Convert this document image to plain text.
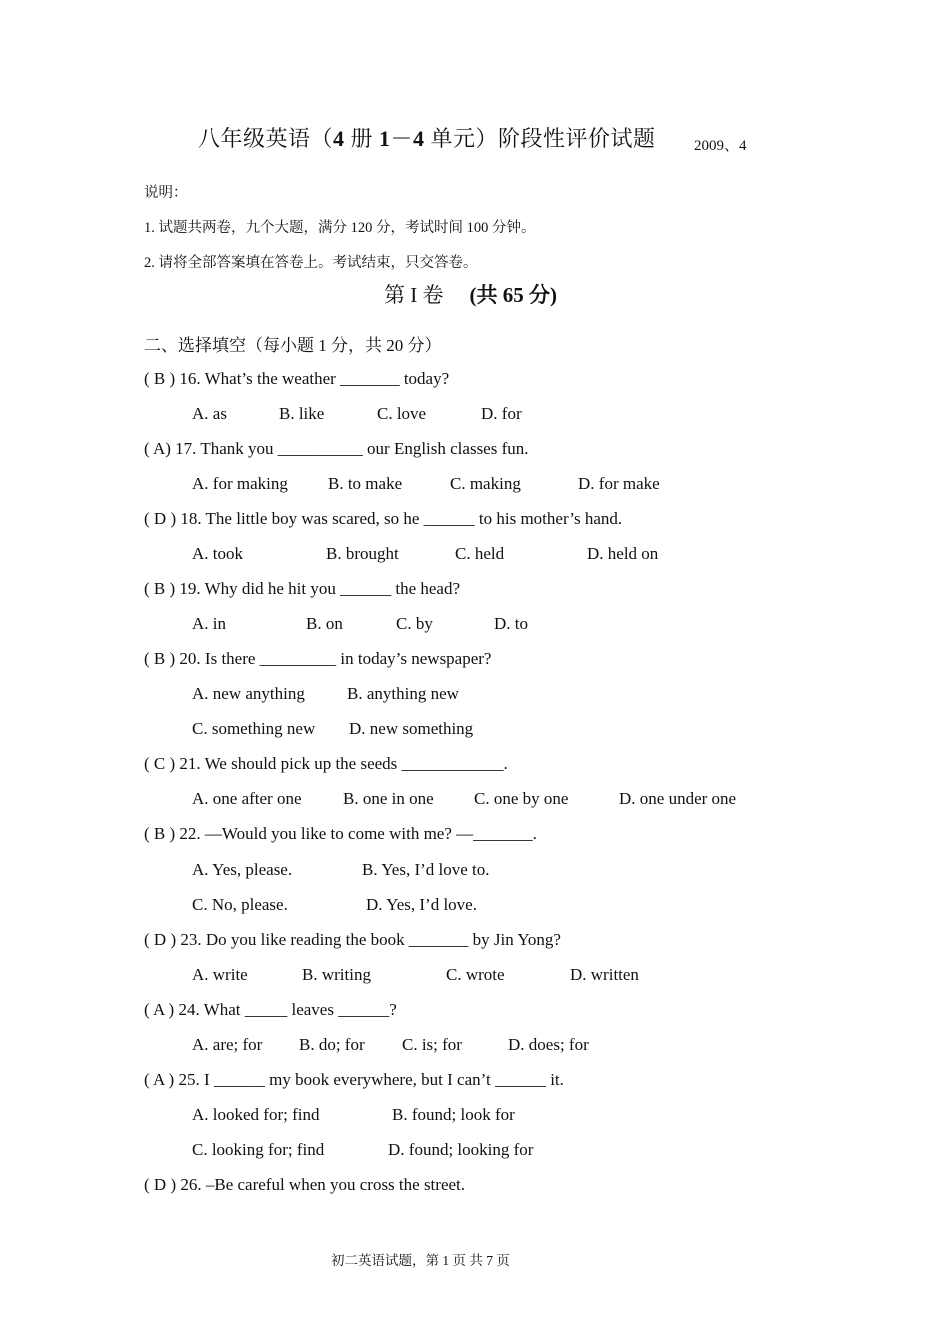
八年级英语（4 册 1－4 单元）阶段性评价试题	2009、4
说明：
1. 试题共两卷，九个大题，满分 120 分，考试时间 100 分钟。
2. 请将全部答案填在答卷上。考试结束，只交答卷。
第 I 卷 (共 65 分)
二、选择填空（每小题 1 分，共 20 分）
( B ) 16. What’s the weather _______ today?
A. as	B. like	C. love	D. for
( A) 17. Thank you __________ our English classes fun.
A. for making B. to make	C. making	D. for make
( D ) 18. The little boy was scared, so he ______ to his mother’s hand.
A. took	B. brought	C. held	D. held on
( B ) 19. Why did he hit you ______ the head?
A. in	B. on	C. by	D. to
( B ) 20. Is there _________ in today’s newspaper?
A. new anything B. anything new
C. something new D. new something
( C ) 21. We should pick up the seeds ____________.
A. one after one B. one in one C. one by one	D. one under one
( B ) 22. —Would you like to come with me? —_______.
A. Yes, please.	B. Yes, I’d love to.
C. No, please.	D. Yes, I’d love.
( D ) 23. Do you like reading the book _______ by Jin Yong?
A. write	B. writing	C. wrote	D. written
( A ) 24. What _____ leaves ______?
A. are; for B. do; for C. is; for	D. does; for
( A ) 25. I ______ my book everywhere, but I can’t ______ it.
A. looked for; find	B. found; look for
C. looking for; find	D. found; looking for
( D ) 26. –Be careful when you cross the street.
初二英语试题，第 1 页 共 7 页
